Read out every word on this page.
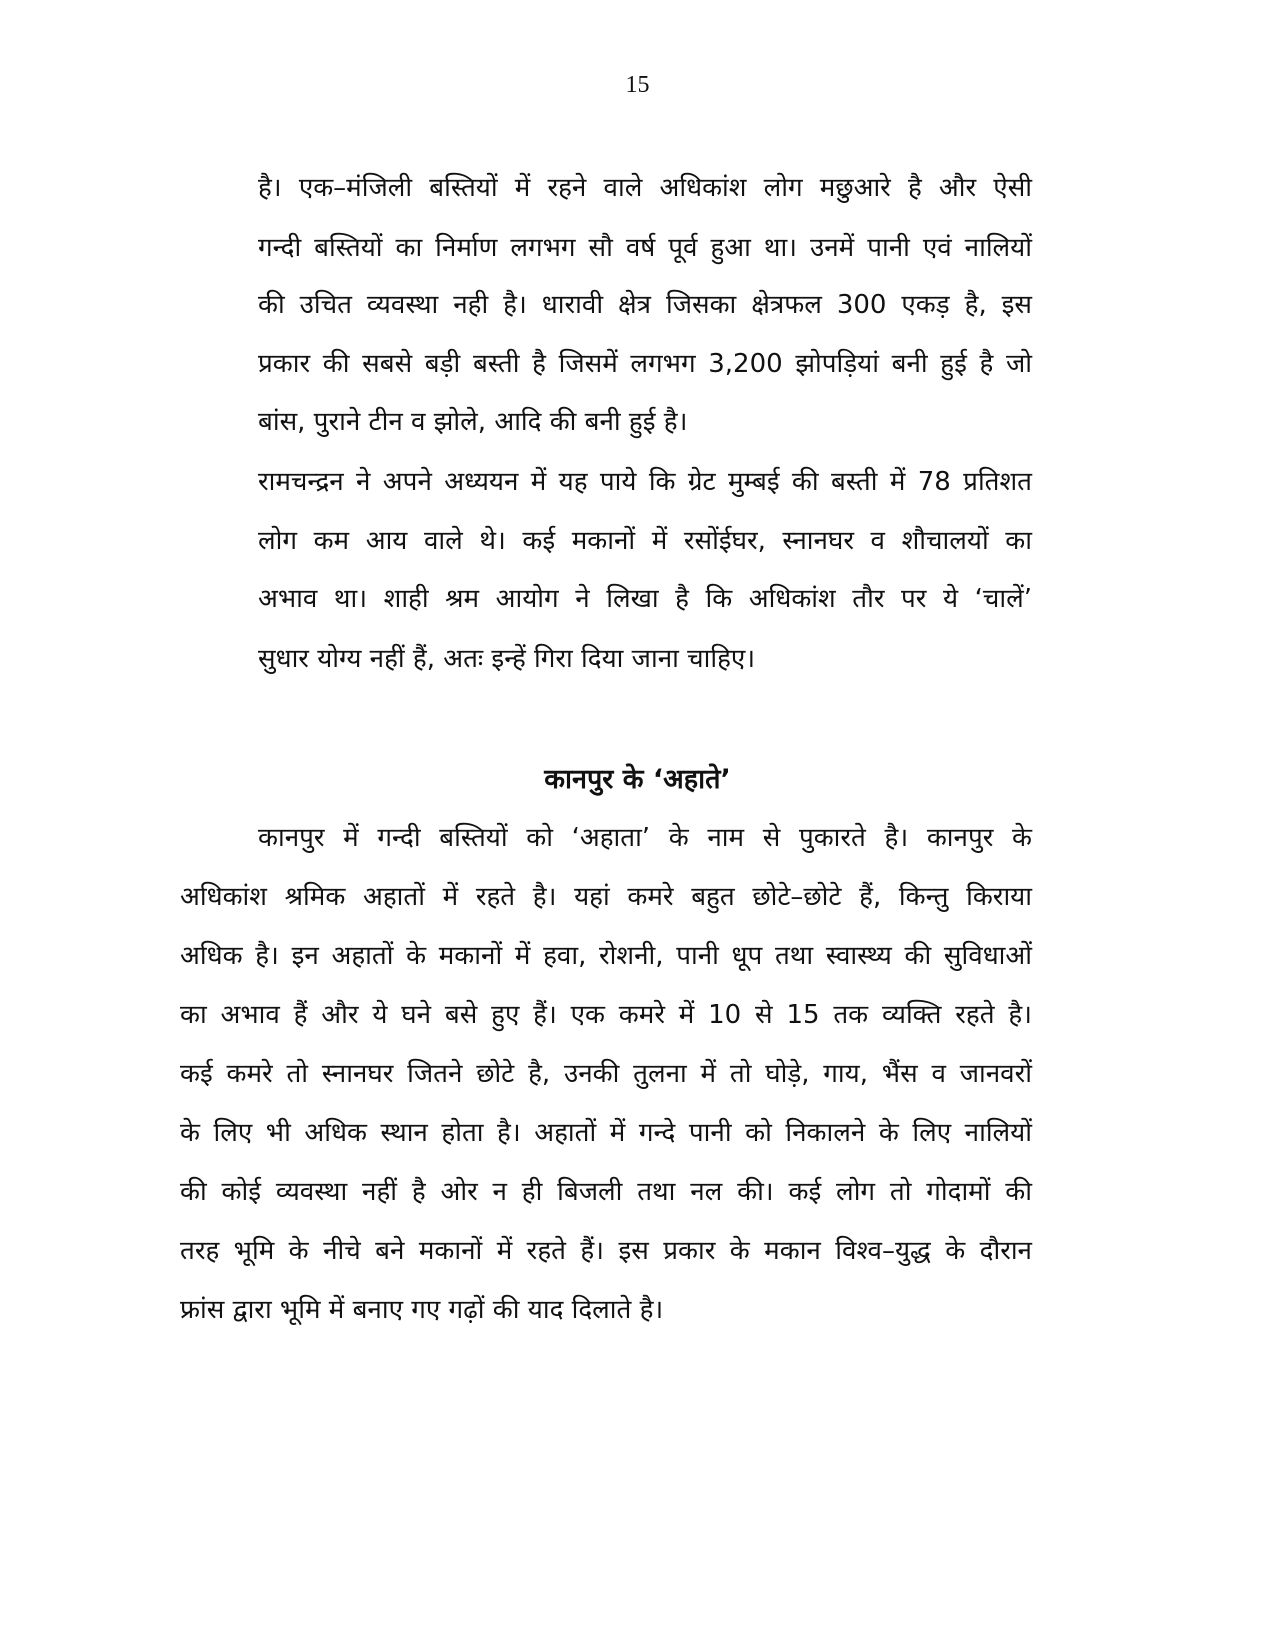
15
है। एक–मंजिली बस्तियों में रहने वाले अधिकांश लोग मछुआरे है और ऐसी
गन्दी बस्तियों का निर्माण लगभग सौ वर्ष पूर्व हुआ था। उनमें पानी एवं नालियों
की उचित व्यवस्था नही है। धारावी क्षेत्र जिसका क्षेत्रफल 300 एकड़ है, इस
प्रकार की सबसे बड़ी बस्ती है जिसमें लगभग 3,200 झोपड़ियां बनी हुई है जो
बांस, पुराने टीन व झोले, आदि की बनी हुई है।
रामचन्द्रन ने अपने अध्ययन में यह पाये कि ग्रेट मुम्बई की बस्ती में 78 प्रतिशत
लोग कम आय वाले थे। कई मकानों में रसोंईघर, स्नानघर व शौचालयों का
अभाव था। शाही श्रम आयोग ने लिखा है कि अधिकांश तौर पर ये ‘चालें’
सुधार योग्य नहीं हैं, अतः इन्हें गिरा दिया जाना चाहिए।
कानपुर के ‘अहाते’
कानपुर में गन्दी बस्तियों को ‘अहाता’ के नाम से पुकारते है। कानपुर के
अधिकांश श्रमिक अहातों में रहते है। यहां कमरे बहुत छोटे–छोटे हैं, किन्तु किराया
अधिक है। इन अहातों के मकानों में हवा, रोशनी, पानी धूप तथा स्वास्थ्य की सुविधाओं
का अभाव हैं और ये घने बसे हुए हैं। एक कमरे में 10 से 15 तक व्यक्ति रहते है।
कई कमरे तो स्नानघर जितने छोटे है, उनकी तुलना में तो घोड़े, गाय, भैंस व जानवरों
के लिए भी अधिक स्थान होता है। अहातों में गन्दे पानी को निकालने के लिए नालियों
की कोई व्यवस्था नहीं है ओर न ही बिजली तथा नल की। कई लोग तो गोदामों की
तरह भूमि के नीचे बने मकानों में रहते हैं। इस प्रकार के मकान विश्व–युद्ध के दौरान
फ्रांस द्वारा भूमि में बनाए गए गढ़ों की याद दिलाते है।
